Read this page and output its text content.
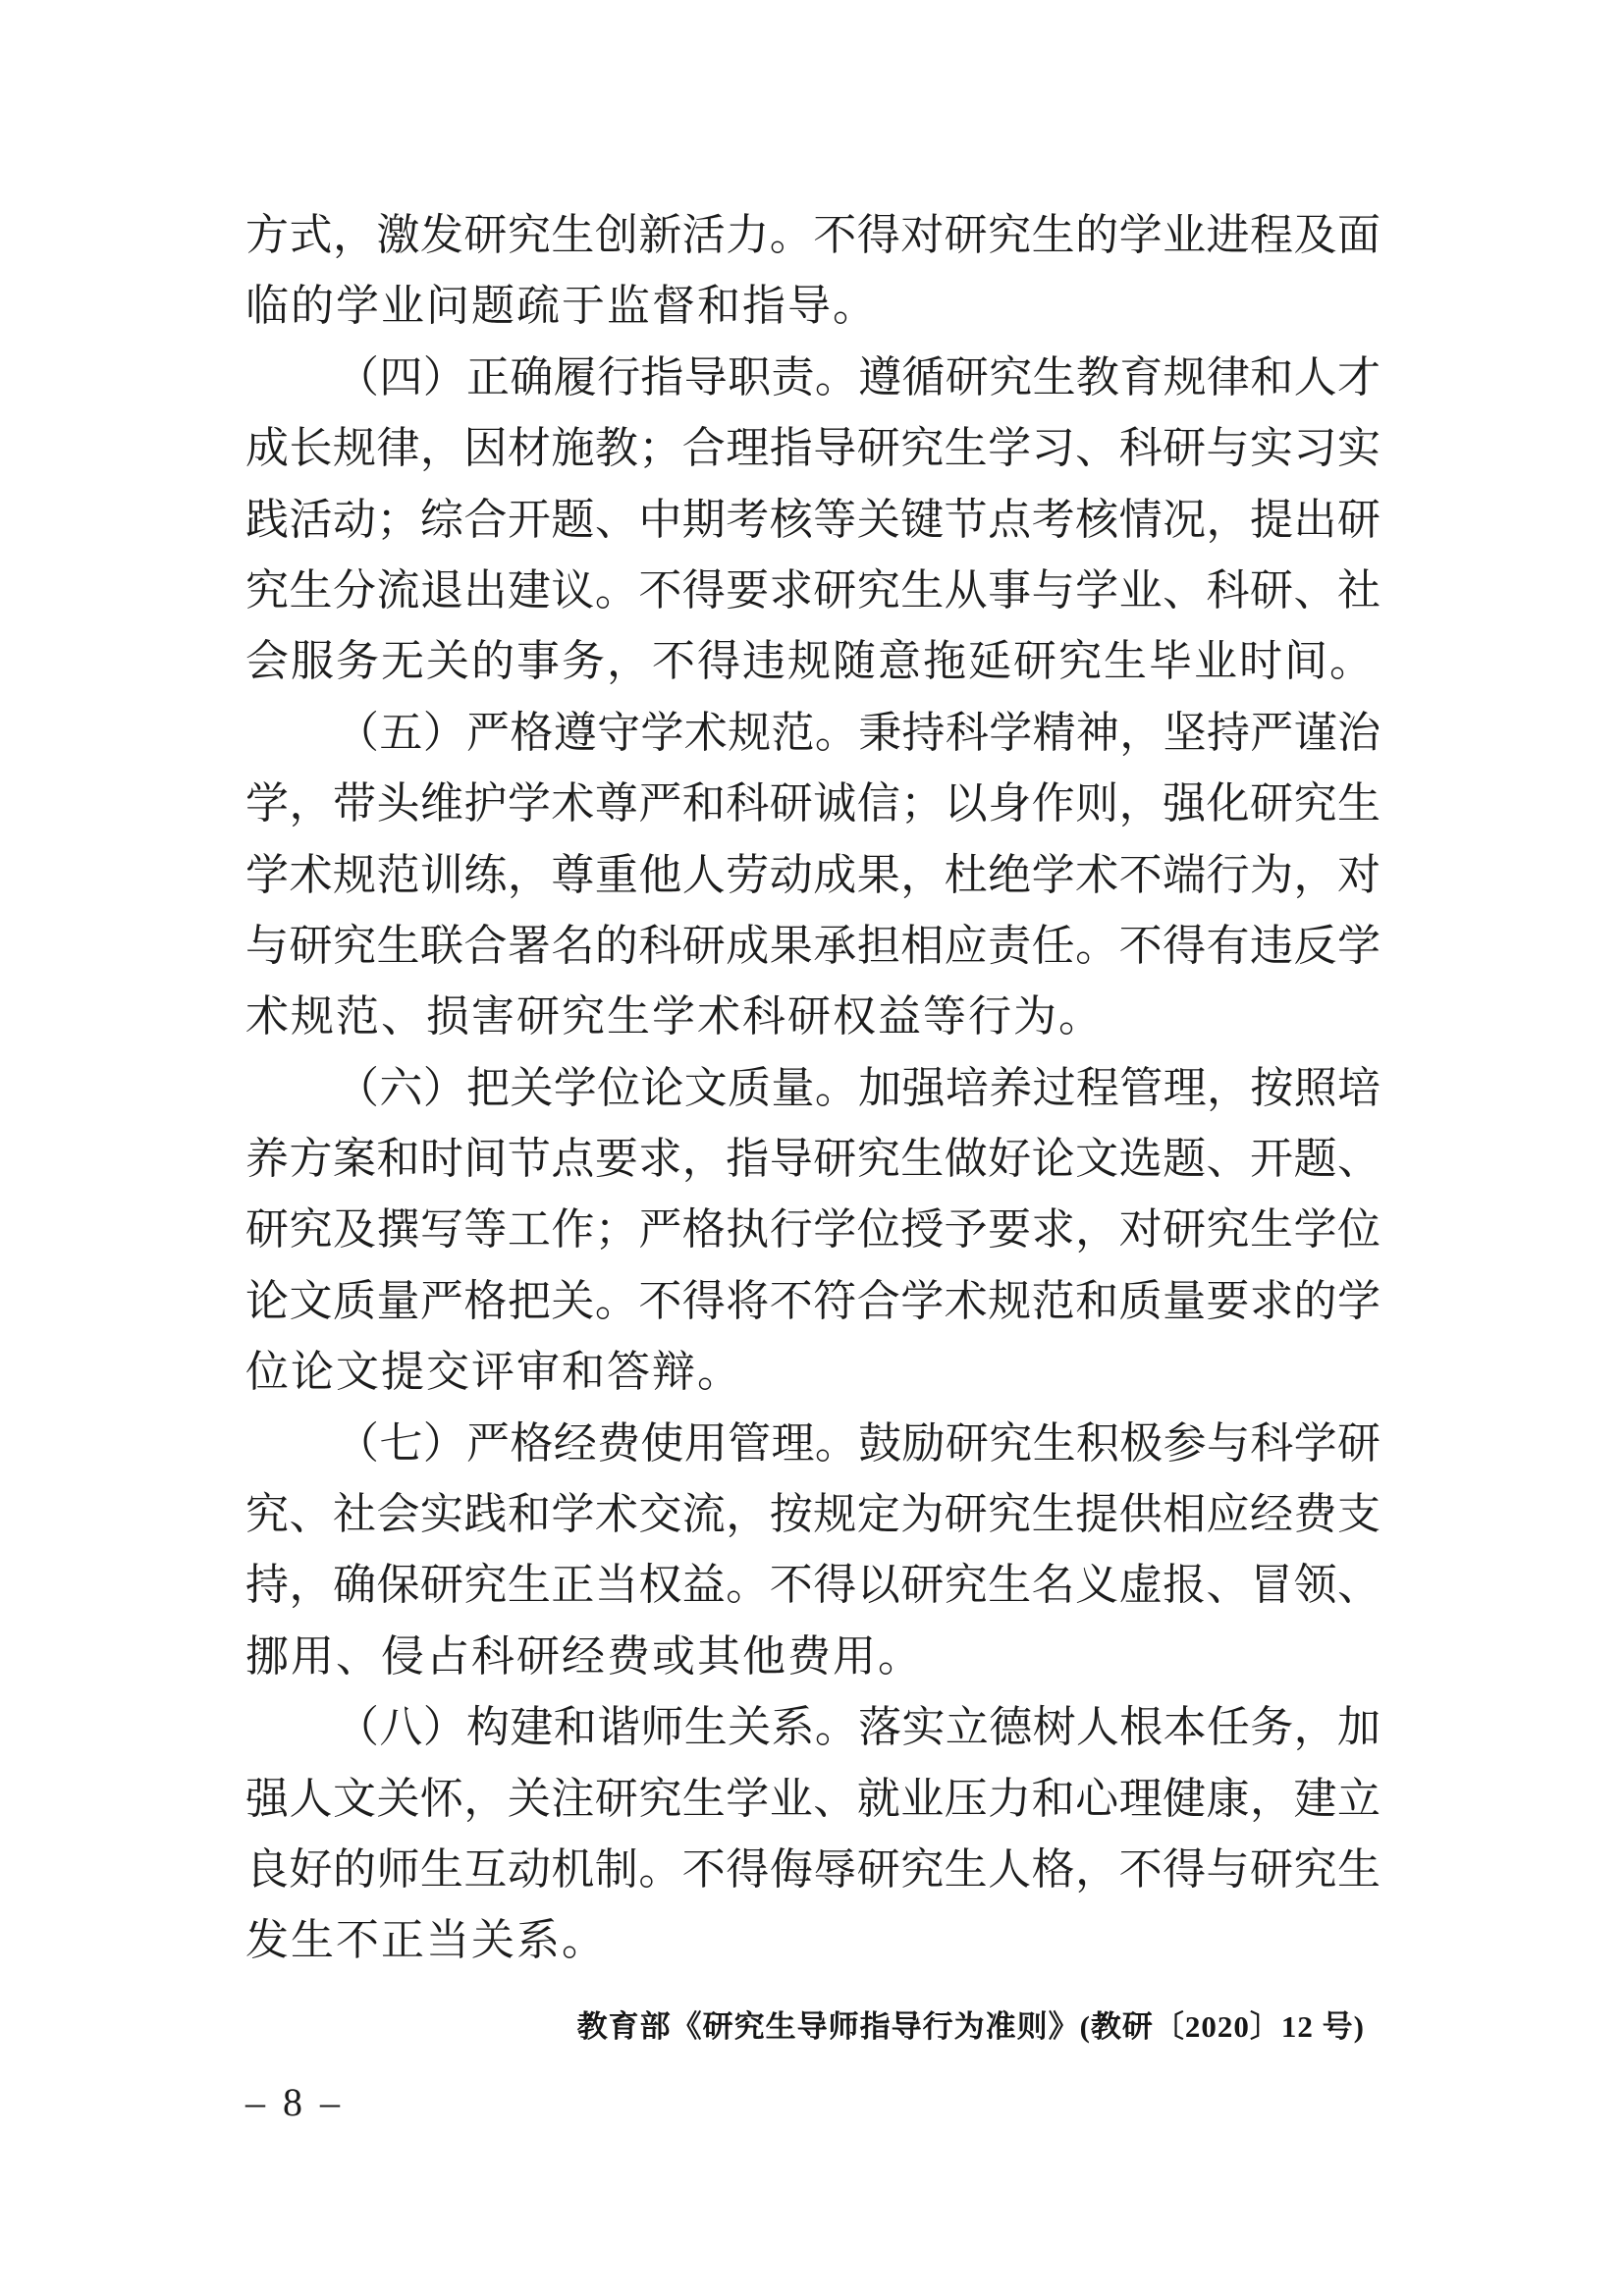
方式，激发研究生创新活力。不得对研究生的学业进程及面
临的学业问题疏于监督和指导。
（四）正确履行指导职责。遵循研究生教育规律和人才
成长规律，因材施教；合理指导研究生学习、科研与实习实
践活动；综合开题、中期考核等关键节点考核情况，提出研
究生分流退出建议。不得要求研究生从事与学业、科研、社
会服务无关的事务，不得违规随意拖延研究生毕业时间。
（五）严格遵守学术规范。秉持科学精神，坚持严谨治
学，带头维护学术尊严和科研诚信；以身作则，强化研究生
学术规范训练，尊重他人劳动成果，杜绝学术不端行为，对
与研究生联合署名的科研成果承担相应责任。不得有违反学
术规范、损害研究生学术科研权益等行为。
（六）把关学位论文质量。加强培养过程管理，按照培
养方案和时间节点要求，指导研究生做好论文选题、开题、
研究及撰写等工作；严格执行学位授予要求，对研究生学位
论文质量严格把关。不得将不符合学术规范和质量要求的学
位论文提交评审和答辩。
（七）严格经费使用管理。鼓励研究生积极参与科学研
究、社会实践和学术交流，按规定为研究生提供相应经费支
持，确保研究生正当权益。不得以研究生名义虚报、冒领、
挪用、侵占科研经费或其他费用。
（八）构建和谐师生关系。落实立德树人根本任务，加
强人文关怀，关注研究生学业、就业压力和心理健康，建立
良好的师生互动机制。不得侮辱研究生人格，不得与研究生
发生不正当关系。
教育部《研究生导师指导行为准则》(教研〔2020〕12 号)
– 8 –
